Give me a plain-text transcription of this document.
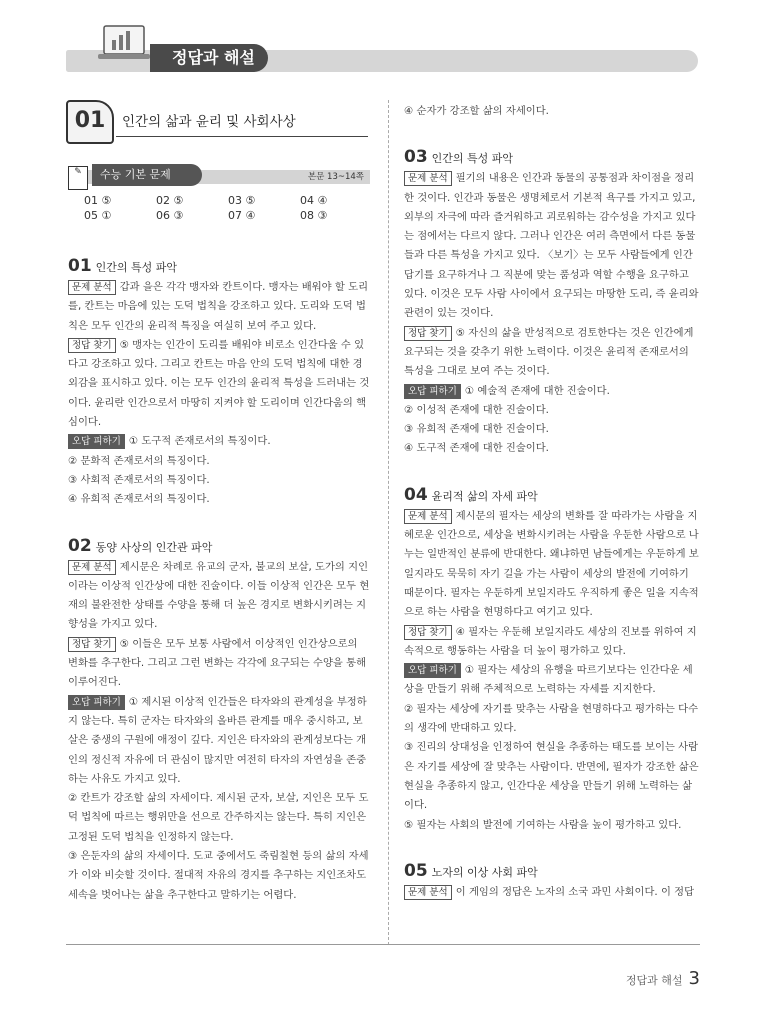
정답과 해설
01	인간의 삶과 윤리 및 사회사상
✎	수능 기본 문제	본문 13~14쪽
01 ⑤	02 ⑤	03 ⑤	04 ④
05 ①	06 ③	07 ④	08 ③

01 인간의 특성 파악

문제 분석 갑과 을은 각각 맹자와 칸트이다. 맹자는 배워야 할 도리를, 칸트는 마음에 있는 도덕 법칙을 강조하고 있다. 도리와 도덕 법칙은 모두 인간의 윤리적 특징을 여실히 보여 주고 있다.

정답 찾기 ⑤ 맹자는 인간이 도리를 배워야 비로소 인간다울 수 있다고 강조하고 있다. 그리고 칸트는 마음 안의 도덕 법칙에 대한 경외감을 표시하고 있다. 이는 모두 인간의 윤리적 특성을 드러내는 것이다. 윤리란 인간으로서 마땅히 지켜야 할 도리이며 인간다움의 핵심이다.

오답 피하기 ① 도구적 존재로서의 특징이다.

② 문화적 존재로서의 특징이다.

③ 사회적 존재로서의 특징이다.

④ 유희적 존재로서의 특징이다.

02 동양 사상의 인간관 파악

문제 분석 제시문은 차례로 유교의 군자, 불교의 보살, 도가의 지인이라는 이상적 인간상에 대한 진술이다. 이들 이상적 인간은 모두 현재의 불완전한 상태를 수양을 통해 더 높은 경지로 변화시키려는 지향성을 가지고 있다.

정답 찾기 ⑤ 이들은 모두 보통 사람에서 이상적인 인간상으로의 변화를 추구한다. 그리고 그런 변화는 각각에 요구되는 수양을 통해 이루어진다.

오답 피하기 ① 제시된 이상적 인간들은 타자와의 관계성을 부정하지 않는다. 특히 군자는 타자와의 올바른 관계를 매우 중시하고, 보살은 중생의 구원에 애정이 깊다. 지인은 타자와의 관계성보다는 개인의 정신적 자유에 더 관심이 많지만 여전히 타자의 자연성을 존중하는 사유도 가지고 있다.

② 칸트가 강조할 삶의 자세이다. 제시된 군자, 보살, 지인은 모두 도덕 법칙에 따르는 행위만을 선으로 간주하지는 않는다. 특히 지인은 고정된 도덕 법칙을 인정하지 않는다.

③ 은둔자의 삶의 자세이다. 도교 중에서도 죽림칠현 등의 삶의 자세가 이와 비슷할 것이다. 절대적 자유의 경지를 추구하는 지인조차도 세속을 벗어나는 삶을 추구한다고 말하기는 어렵다.

④ 순자가 강조할 삶의 자세이다.

03 인간의 특성 파악

문제 분석 필기의 내용은 인간과 동물의 공통점과 차이점을 정리한 것이다. 인간과 동물은 생명체로서 기본적 욕구를 가지고 있고, 외부의 자극에 따라 즐거워하고 괴로워하는 감수성을 가지고 있다는 점에서는 다르지 않다. 그러나 인간은 여러 측면에서 다른 동물들과 다른 특성을 가지고 있다. 〈보기〉는 모두 사람들에게 인간답기를 요구하거나 그 직분에 맞는 품성과 역할 수행을 요구하고 있다. 이것은 모두 사람 사이에서 요구되는 마땅한 도리, 즉 윤리와 관련이 있는 것이다.

정답 찾기 ⑤ 자신의 삶을 반성적으로 검토한다는 것은 인간에게 요구되는 것을 갖추기 위한 노력이다. 이것은 윤리적 존재로서의 특성을 그대로 보여 주는 것이다.

오답 피하기 ① 예술적 존재에 대한 진술이다.

② 이성적 존재에 대한 진술이다.

③ 유희적 존재에 대한 진술이다.

④ 도구적 존재에 대한 진술이다.

04 윤리적 삶의 자세 파악

문제 분석 제시문의 필자는 세상의 변화를 잘 따라가는 사람을 지혜로운 인간으로, 세상을 변화시키려는 사람을 우둔한 사람으로 나누는 일반적인 분류에 반대한다. 왜냐하면 남들에게는 우둔하게 보일지라도 묵묵히 자기 길을 가는 사람이 세상의 발전에 기여하기 때문이다. 필자는 우둔하게 보일지라도 우직하게 좋은 일을 지속적으로 하는 사람을 현명하다고 여기고 있다.

정답 찾기 ④ 필자는 우둔해 보일지라도 세상의 진보를 위하여 지속적으로 행동하는 사람을 더 높이 평가하고 있다.

오답 피하기 ① 필자는 세상의 유행을 따르기보다는 인간다운 세상을 만들기 위해 주체적으로 노력하는 자세를 지지한다.

② 필자는 세상에 자기를 맞추는 사람을 현명하다고 평가하는 다수의 생각에 반대하고 있다.

③ 진리의 상대성을 인정하여 현실을 추종하는 태도를 보이는 사람은 자기를 세상에 잘 맞추는 사람이다. 반면에, 필자가 강조한 삶은 현실을 추종하지 않고, 인간다운 세상을 만들기 위해 노력하는 삶이다.

⑤ 필자는 사회의 발전에 기여하는 사람을 높이 평가하고 있다.

05 노자의 이상 사회 파악

문제 분석 이 게임의 정답은 노자의 소국 과민 사회이다. 이 정답

정답과 해설 3
